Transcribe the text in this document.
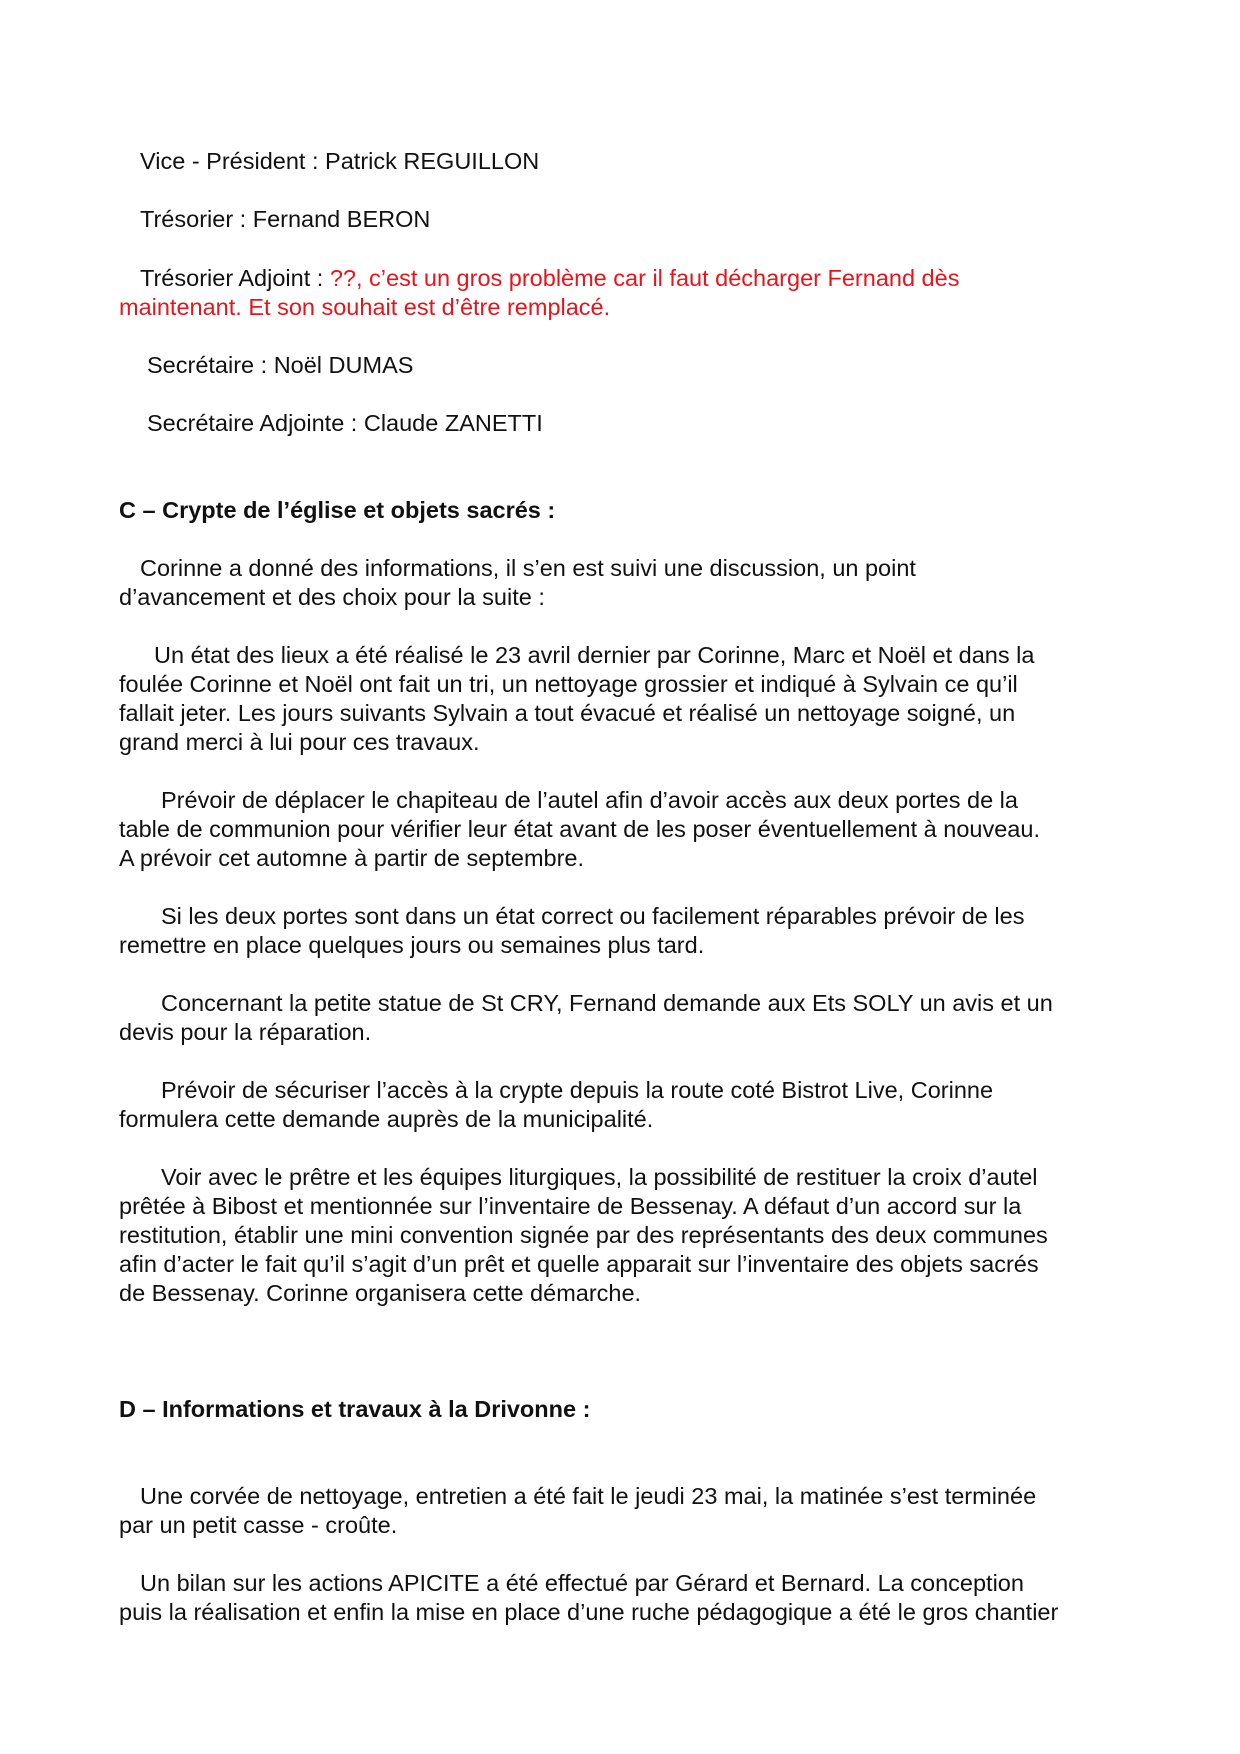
Vice - Président : Patrick REGUILLON

Trésorier : Fernand BERON

Trésorier Adjoint : ??, c’est un gros problème car il faut décharger Fernand dès

maintenant. Et son souhait est d’être remplacé.

Secrétaire : Noël DUMAS

Secrétaire Adjointe : Claude ZANETTI

C – Crypte de l’église et objets sacrés :

Corinne a donné des informations, il s’en est suivi une discussion, un point

d’avancement et des choix pour la suite :

Un état des lieux a été réalisé le 23 avril dernier par Corinne, Marc et Noël et dans la

foulée Corinne et Noël ont fait un tri, un nettoyage grossier et indiqué à Sylvain ce qu’il

fallait jeter. Les jours suivants Sylvain a tout évacué et réalisé un nettoyage soigné, un

grand merci à lui pour ces travaux.

Prévoir de déplacer le chapiteau de l’autel afin d’avoir accès aux deux portes de la

table de communion pour vérifier leur état avant de les poser éventuellement à nouveau.

A prévoir cet automne à partir de septembre.

Si les deux portes sont dans un état correct ou facilement réparables prévoir de les

remettre en place quelques jours ou semaines plus tard.

Concernant la petite statue de St CRY, Fernand demande aux Ets SOLY un avis et un

devis pour la réparation.

Prévoir de sécuriser l’accès à la crypte depuis la route coté Bistrot Live, Corinne

formulera cette demande auprès de la municipalité.

Voir avec le prêtre et les équipes liturgiques, la possibilité de restituer la croix d’autel

prêtée à Bibost et mentionnée sur l’inventaire de Bessenay. A défaut d’un accord sur la

restitution, établir une mini convention signée par des représentants des deux communes

afin d’acter le fait qu’il s’agit d’un prêt et quelle apparait sur l’inventaire des objets sacrés

de Bessenay. Corinne organisera cette démarche.

D – Informations et travaux à la Drivonne :

Une corvée de nettoyage, entretien a été fait le jeudi 23 mai, la matinée s’est terminée

par un petit casse - croûte.

Un bilan sur les actions APICITE a été effectué par Gérard et Bernard. La conception

puis la réalisation et enfin la mise en place d’une ruche pédagogique a été le gros chantier
